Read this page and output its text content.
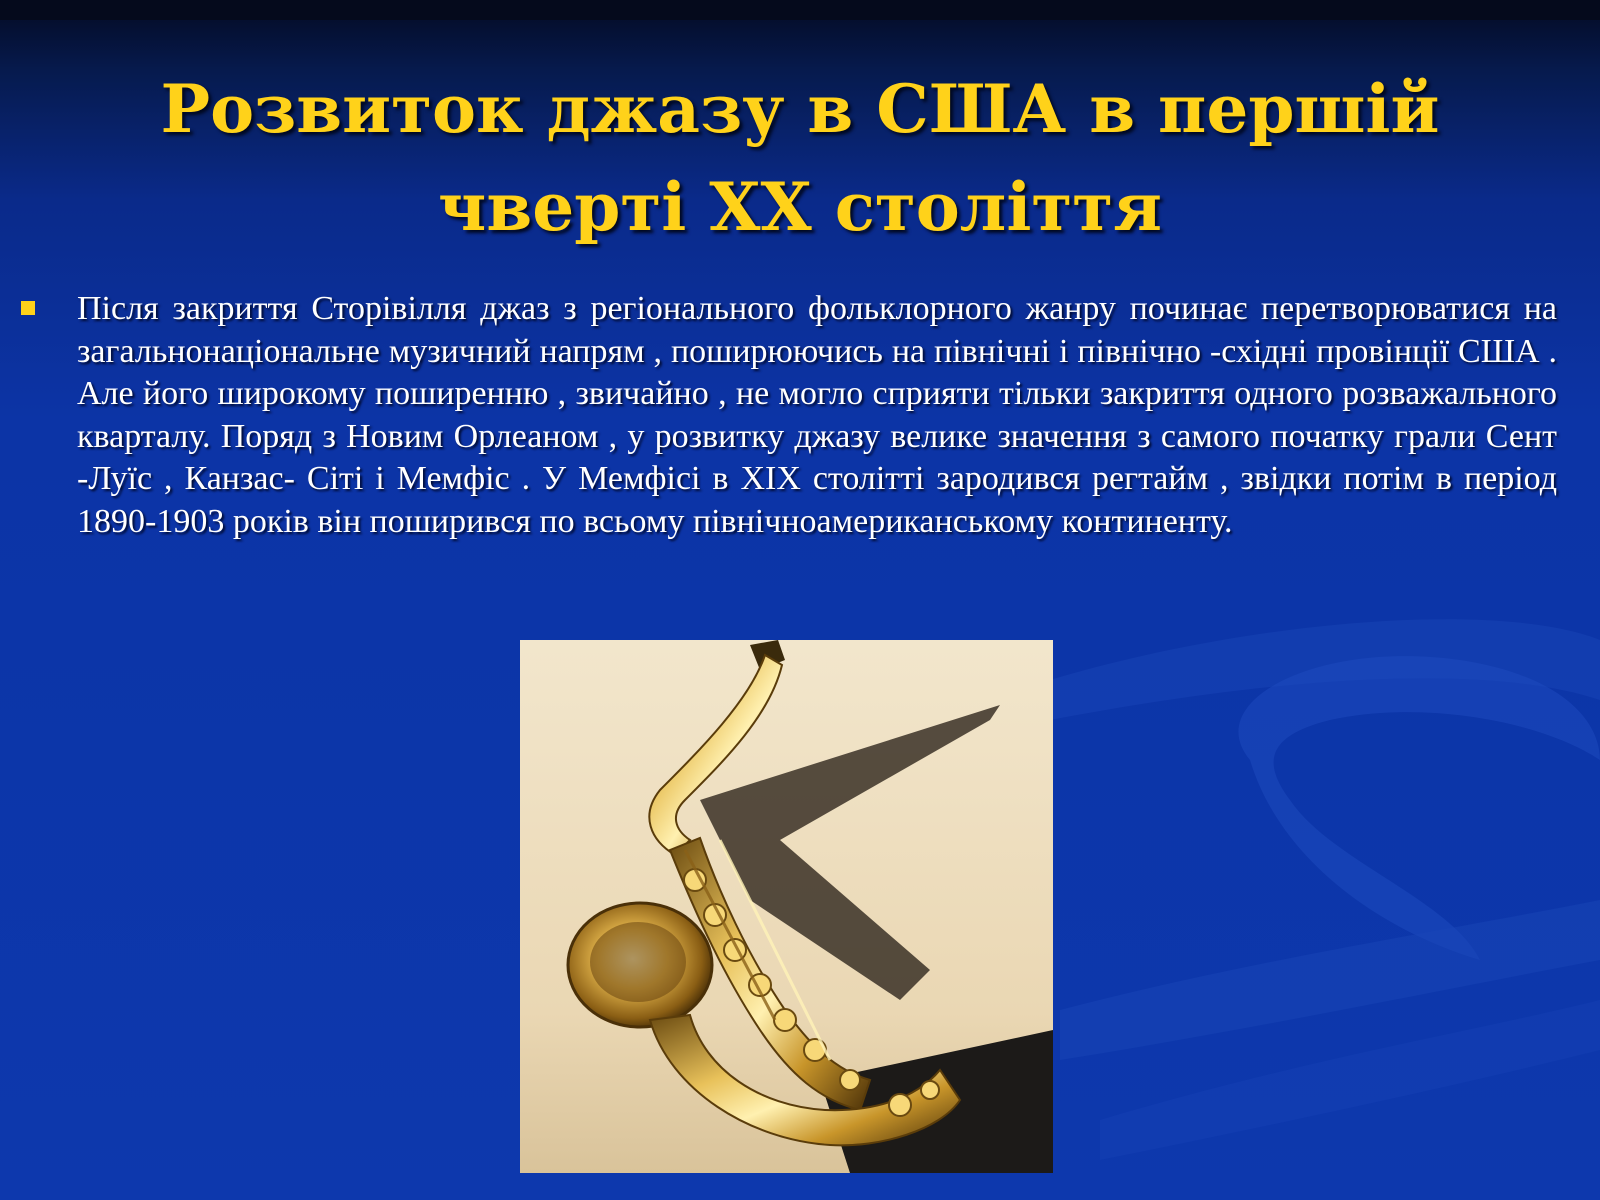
Розвиток джазу в США в першій
чверті XX століття

Після закриття Сторівілля джаз з регіонального фольклорного жанру починає перетворюватися на загальнонаціональне музичний напрям , поширюючись на північні і північно -східні провінції США . Але його широкому поширенню , звичайно , не могло сприяти тільки закриття одного розважального кварталу. Поряд з Новим Орлеаном , у розвитку джазу велике значення з самого початку грали Сент -Луїс , Канзас- Сіті і Мемфіс . У Мемфісі в XIX столітті зародився регтайм , звідки потім в період 1890-1903 років він поширився по всьому північноамериканському континенту.
